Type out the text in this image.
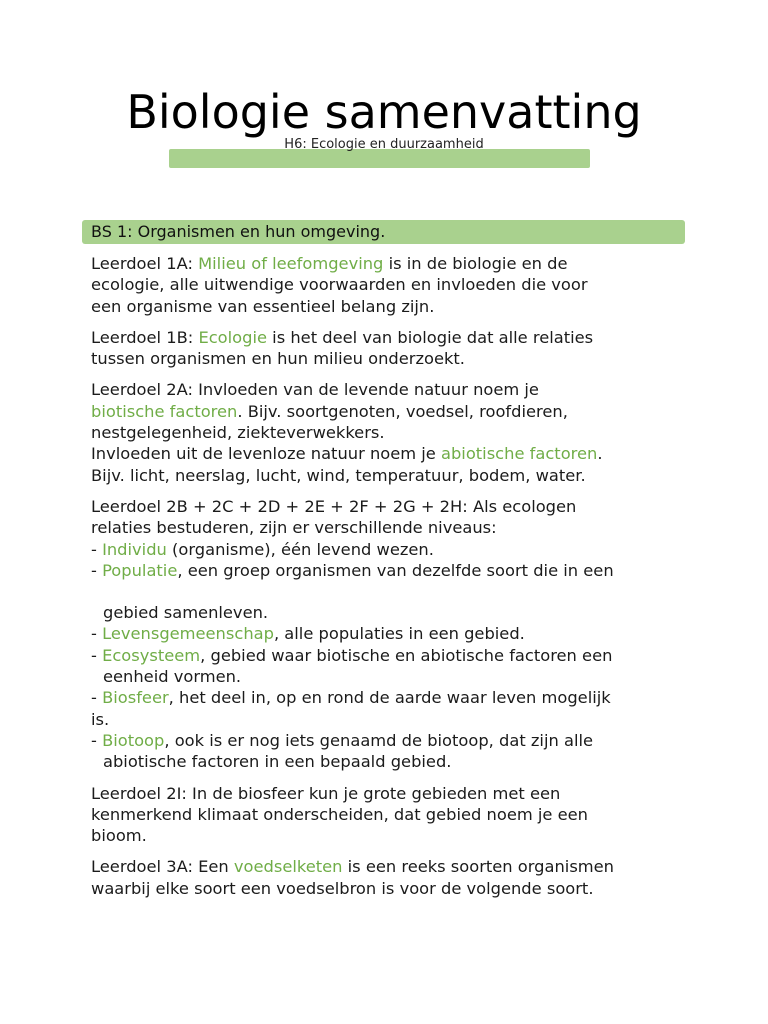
Biologie samenvatting
H6: Ecologie en duurzaamheid
BS 1: Organismen en hun omgeving.
Leerdoel 1A: Milieu of leefomgeving is in de biologie en de
ecologie, alle uitwendige voorwaarden en invloeden die voor
een organisme van essentieel belang zijn.
Leerdoel 1B: Ecologie is het deel van biologie dat alle relaties
tussen organismen en hun milieu onderzoekt.
Leerdoel 2A: Invloeden van de levende natuur noem je
biotische factoren. Bijv. soortgenoten, voedsel, roofdieren,
nestgelegenheid, ziekteverwekkers.
Invloeden uit de levenloze natuur noem je abiotische factoren.
Bijv. licht, neerslag, lucht, wind, temperatuur, bodem, water.
Leerdoel 2B + 2C + 2D + 2E + 2F + 2G + 2H: Als ecologen
relaties bestuderen, zijn er verschillende niveaus:
- Individu (organisme), één levend wezen.
- Populatie, een groep organismen van dezelfde soort die in een
gebied samenleven.
- Levensgemeenschap, alle populaties in een gebied.
- Ecosysteem, gebied waar biotische en abiotische factoren een
eenheid vormen.
- Biosfeer, het deel in, op en rond de aarde waar leven mogelijk
is.
- Biotoop, ook is er nog iets genaamd de biotoop, dat zijn alle
abiotische factoren in een bepaald gebied.
Leerdoel 2I: In de biosfeer kun je grote gebieden met een
kenmerkend klimaat onderscheiden, dat gebied noem je een
bioom.
Leerdoel 3A: Een voedselketen is een reeks soorten organismen
waarbij elke soort een voedselbron is voor de volgende soort.
